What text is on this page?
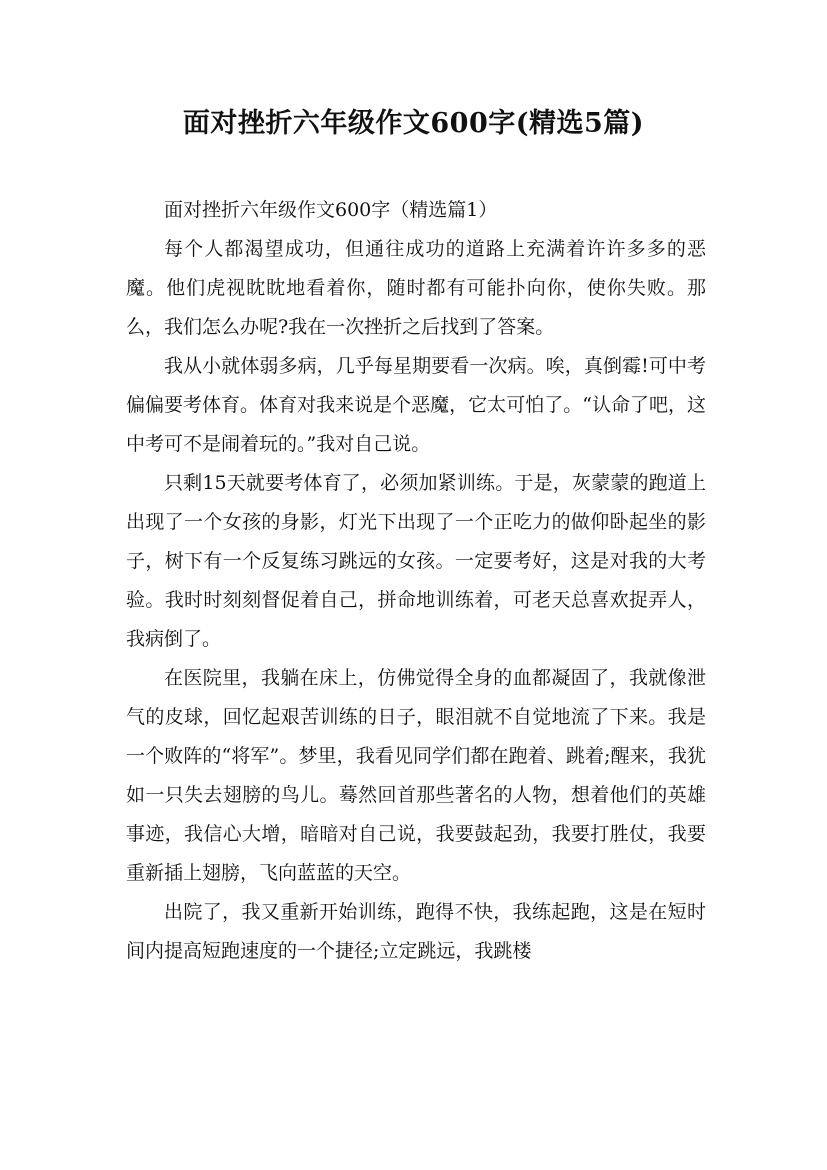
面对挫折六年级作文600字(精选5篇)

面对挫折六年级作文600字（精选篇1）

每个人都渴望成功，但通往成功的道路上充满着许许多多的恶魔。他们虎视眈眈地看着你，随时都有可能扑向你，使你失败。那么，我们怎么办呢?我在一次挫折之后找到了答案。

我从小就体弱多病，几乎每星期要看一次病。唉，真倒霉!可中考偏偏要考体育。体育对我来说是个恶魔，它太可怕了。“认命了吧，这中考可不是闹着玩的。”我对自己说。

只剩15天就要考体育了，必须加紧训练。于是，灰蒙蒙的跑道上出现了一个女孩的身影，灯光下出现了一个正吃力的做仰卧起坐的影子，树下有一个反复练习跳远的女孩。一定要考好，这是对我的大考验。我时时刻刻督促着自己，拼命地训练着，可老天总喜欢捉弄人，我病倒了。

在医院里，我躺在床上，仿佛觉得全身的血都凝固了，我就像泄气的皮球，回忆起艰苦训练的日子，眼泪就不自觉地流了下来。我是一个败阵的“将军”。梦里，我看见同学们都在跑着、跳着;醒来，我犹如一只失去翅膀的鸟儿。蓦然回首那些著名的人物，想着他们的英雄事迹，我信心大增，暗暗对自己说，我要鼓起劲，我要打胜仗，我要重新插上翅膀，飞向蓝蓝的天空。

出院了，我又重新开始训练，跑得不快，我练起跑，这是在短时间内提高短跑速度的一个捷径;立定跳远，我跳楼
